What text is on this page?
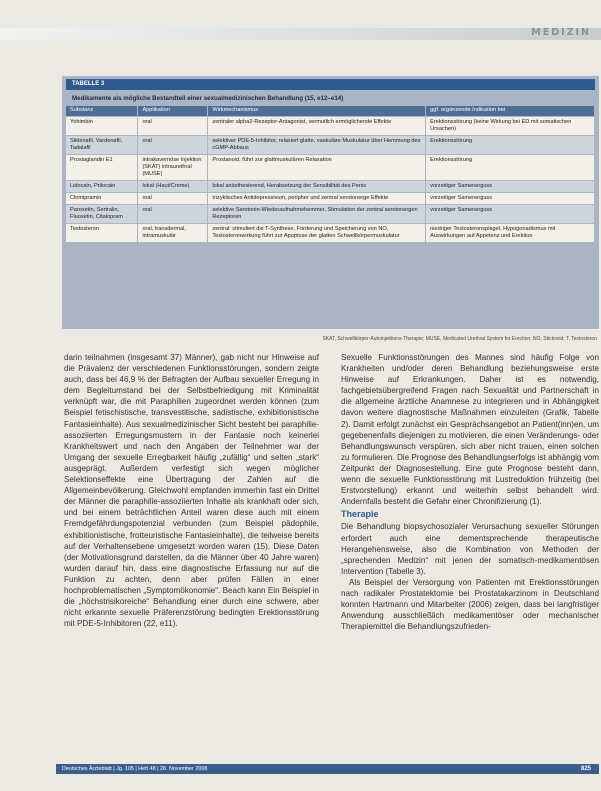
MEDIZIN
TABELLE 3
Medikamente als mögliche Bestandteil einer sexualmedizinischen Behandlung (15, e12–e14)
Substanz	Applikation	Wirkmechanismus	ggf. ergänzende Indikation bei
Yohimbin	oral	zentraler alpha2-Rezeptor-Antagonist, vermutlich ermöglichende Effekte	Erektionsstörung (keine Wirkung bei ED mit somatischen Ursachen)
Sildenafil, Vardenafil, Tadalafil	oral	selektiver PDE-5-Inhibitor, relaxiert glatte, vaskuläre Muskulatur über Hemmung des cGMP-Abbaus	Erektionsstörung
Prostaglandin E1	intrakavernöse Injektion (SKAT) intraurethral (MUSE)	Prostanoid, führt zur glattmuskulären Relaxation	Erektionsstörung
Lidocain, Prilocain	lokal (Haut/Creme)	lokal anästhesierend, Herabsetzung der Sensibilität des Penis	vorzeitiger Samenerguss
Clomipramin	oral	trizyklisches Antidepressivum, peripher und zentral serotonerge Effekte	vorzeitiger Samenerguss
Paroxetin, Sertralin, Fluoxetin, Citalopram	oral	selektive Serotonin-Wiederaufnahmehemmer, Stimulation der zentral serotonergen Rezeptoren	vorzeitiger Samenerguss
Testosteron	oral, transdermal, intramuskulär	zentral: stimuliert die T-Synthese, Förderung und Speicherung von NO, Testosteronwirkung führt zur Apoptose der glatten Schwellkörpermuskulatur	niedriger Testosteronspiegel, Hypogonadismus mit Auswirkungen auf Appetenz und Erektion
SKAT, Schwellkörper-Autoinjektions-Therapie; MUSE, Medicated Urethral System for Erection; NO, Stickoxid; T, Testosteron

darin teilnahmen (insgesamt 37) Männer), gab nicht nur Hinweise auf die Prävalenz der verschiedenen Funktionsstörungen, sondern zeigte auch, dass bei 46,9 % der Befragten der Aufbau sexueller Erregung in dem Begleitumstand bei der Selbstbefriedigung mit Kriminalität verknüpft war, die mit Paraphilien zugeordnet werden können (zum Beispiel fetischistische, transvestitische, sadistische, exhibitionistische Fantasieinhalte). Aus sexualmedizinischer Sicht besteht bei paraphilie-assoziierten Erregungsmustern in der Fantasie noch keinerlei Krankheitswert und nach den Angaben der Teilnehmer war der Umgang der sexuelle Erregbarkeit häufig „zufällig“ und selten „stark“ ausgeprägt. Außerdem verfestigt sich wegen möglicher Selektionseffekte eine Übertragung der Zahlen auf die Allgemeinbevölkerung. Gleichwohl empfanden immerhin fast ein Drittel der Männer die paraphilie-assoziierten Inhalte als krankhaft oder sich, und bei einem beträchtlichen Anteil waren diese auch mit einem Fremdgefährdungspotenzial verbunden (zum Beispiel pädophile, exhibitionistische, frotteuristische Fantasieinhalte), die teilweise bereits auf der Verhaltensebene umgesetzt worden waren (15). Diese Daten (der Motivationsgrund darstellen, da die Männer über 40 Jahre waren) wurden darauf hin, dass eine diagnostische Erfassung nur auf die Funktion zu achten, denn aber prüfen Fällen in einer hochproblematischen „Symptomökonomie“. Beach kann Ein Beispiel in die „höchstrisikoreiche“ Behandlung einer durch eine schwere, aber nicht erkannte sexuelle Präferenzstörung bedingten Erektionsstörung mit PDE-5-Inhibitoren (22, e11).

Sexuelle Funktionsstörungen des Mannes sind häufig Folge von Krankheiten und/oder deren Behandlung beziehungsweise erste Hinweise auf Erkrankungen. Daher ist es notwendig, fachgebietsübergreifend Fragen nach Sexualität und Partnerschaft in die allgemeine ärztliche Anamnese zu integrieren und in Abhängigkeit davon weitere diagnostische Maßnahmen einzuleiten (Grafik, Tabelle 2). Damit erfolgt zunächst ein Gesprächsangebot an Patient(inn)en, um gegebenenfalls diejenigen zu motivieren, die einen Veränderungs- oder Behandlungswunsch verspüren, sich aber nicht trauen, einen solchen zu formulieren. Die Prognose des Behandlungserfolgs ist abhängig vom Zeitpunkt der Diagnosestellung. Eine gute Prognose besteht dann, wenn die sexuelle Funktionsstörung mit Lustreduktion frühzeitig (bei Erstvorstellung) erkannt und weiterhin selbst behandelt wird. Andernfalls besteht die Gefahr einer Chronifizierung (1).

Therapie

Die Behandlung biopsychosozialer Verursachung sexueller Störungen erfordert auch eine dementsprechende therapeutische Herangehensweise, also die Kombination von Methoden der „sprechenden Medizin“ mit jenen der somatisch-medikamentösen Intervention (Tabelle 3).

Als Beispiel der Versorgung von Patienten mit Erektionsstörungen nach radikaler Prostatektomie bei Prostatakarzinom in Deutschland konnten Hartmann und Mitarbeiter (2006) zeigen, dass bei langfristiger Anwendung ausschließlich medikamentöser oder mechanischer Therapiemittel die Behandlungszufrieden-

Deutsches Ärzteblatt | Jg. 105 | Heft 48 | 28. November 2008	825
